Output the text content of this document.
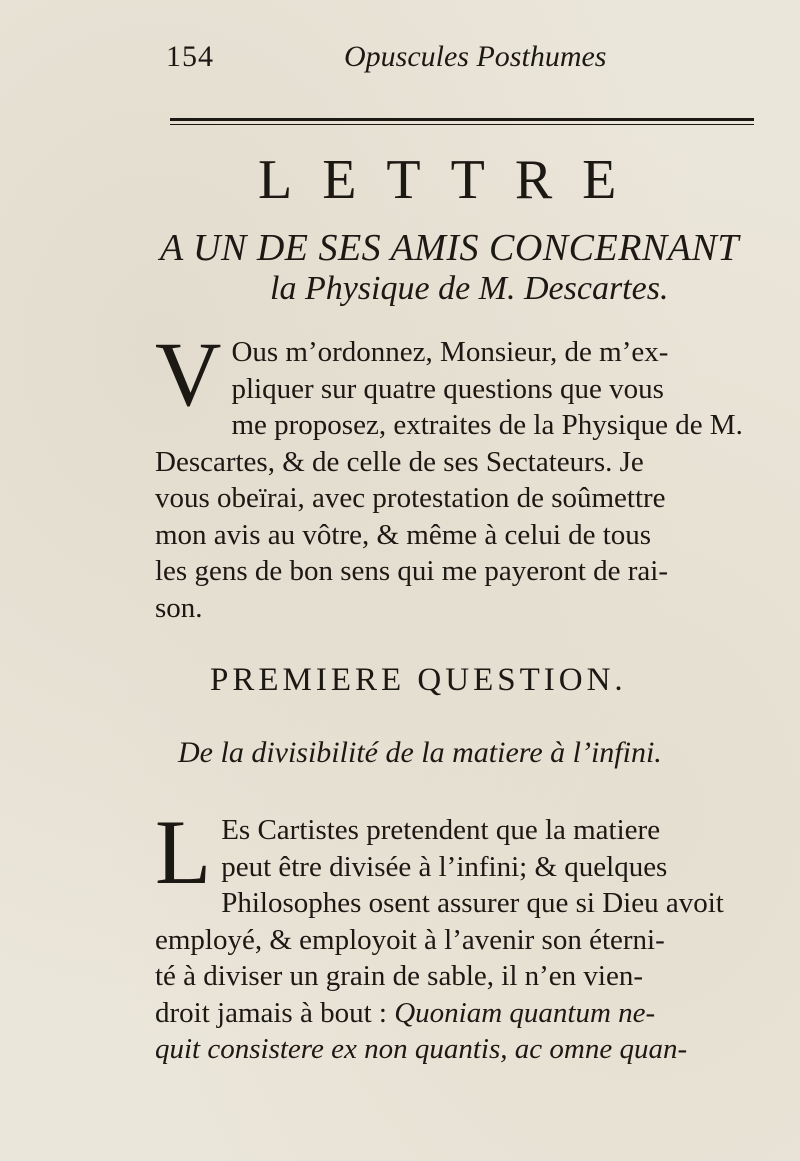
154	Opuscules Posthumes
LETTRE
A UN DE SES AMIS CONCERNANT
la Physique de M. Descartes.
V Ous m’ordonnez, Monsieur, de m’ex-
pliquer sur quatre questions que vous
me proposez, extraites de la Physique de M.
Descartes, & de celle de ses Sectateurs. Je
vous obeïrai, avec protestation de soûmettre
mon avis au vôtre, & même à celui de tous
les gens de bon sens qui me payeront de rai-
son.
PREMIERE QUESTION.
De la divisibilité de la matiere à l’infini.
L Es Cartistes pretendent que la matiere
peut être divisée à l’infini; & quelques
Philosophes osent assurer que si Dieu avoit
employé, & employoit à l’avenir son éterni-
té à diviser un grain de sable, il n’en vien-
droit jamais à bout : Quoniam quantum ne-
quit consistere ex non quantis, ac omne quan-
